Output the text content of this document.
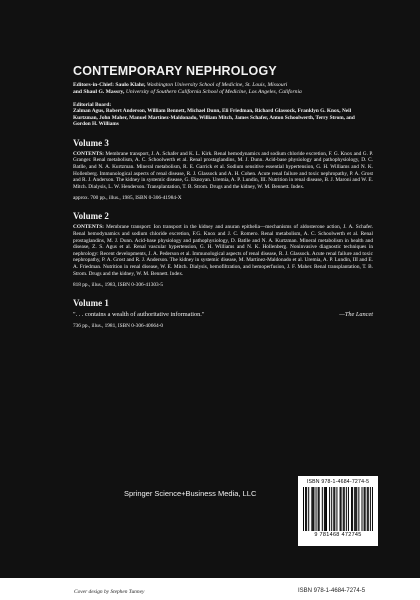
CONTEMPORARY NEPHROLOGY
Editors-in-Chief: Saulo Klahr, Washington University School of Medicine, St. Louis, Missouri
and Shaul G. Massry, University of Southern California School of Medicine, Los Angeles, California
Editorial Board:
Zalman Agus, Robert Anderson, William Bennett, Michael Dunn, Eli Friedman, Richard Glassock, Franklyn G. Knox, Neil Kurtzman, John Maher, Manuel Martinez-Maldonado, William Mitch, James Schafer, Anton Schoolwerth, Terry Strom, and Gordon H. Williams
Volume 3

CONTENTS: Membrane transport, J. A. Schafer and K. L. Kirk. Renal hemodynamics and sodium chloride excretion, F. G. Knox and G. P. Granger. Renal metabolism, A. C. Schoolwerth et al. Renal prostaglandins, M. J. Dunn. Acid-base physiology and pathophysiology, D. C. Batlle, and N. A. Kurtzman. Mineral metabolism, R. E. Garrick et al. Sodium sensitive essential hypertension, G. H. Williams and N. K. Hollenberg. Immunological aspects of renal disease, R. J. Glassock and A. H. Cohen. Acute renal failure and toxic nephropathy, P. A. Grost and R. J. Anderson. The kidney in systemic disease, G. Eknoyan. Uremia, A. P. Lundin, III. Nutrition in renal disease, B. J. Maroni and W. E. Mitch. Dialysis, L. W. Henderson. Transplantation, T. B. Strom. Drugs and the kidney, W. M. Bennett. Index.

approx. 700 pp., illus., 1985, ISBN 0-306-41984-X
Volume 2

CONTENTS: Membrane transport: Ion transport in the kidney and anuran epithelia—mechanisms of aldosterone action, J. A. Schafer. Renal hemodynamics and sodium chloride excretion, F.G. Knox and J. C. Romero. Renal metabolism, A. C. Schoolwerth et al. Renal prostaglandins, M. J. Dunn. Acid-base physiology and pathophysiology, D. Batlle and N. A. Kurtzman. Mineral metabolism in health and disease, Z. S. Agus et al. Renal vascular hypertension, G. H. Williams and N. K. Hollenberg. Noninvasive diagnostic techniques in nephrology: Recent developments, J. A. Pederson et al. Immunological aspects of renal disease, R. J. Glassock. Acute renal failure and toxic nephropathy, P. A. Grost and R. J. Anderson. The kidney in systemic disease, M. Martinez-Maldonado et al. Uremia, A. P. Lundin, III and E. A. Friedman. Nutrition in renal disease, W. E. Mitch. Dialysis, hemofiltration, and hemoperfusion, J. F. Maher. Renal transplantation, T. B. Strom. Drugs and the kidney, W. M. Bennett. Index.

818 pp., illus., 1983, ISBN 0-306-41303-5
Volume 1
". . . contains a wealth of authoritative information."	—The Lancet
736 pp., illus., 1981, ISBN 0-306-40664-0
Springer Science+Business Media, LLC
ISBN 978-1-4684-7274-5
9 781468 472745
Cover design by Stephen Tunney	ISBN 978-1-4684-7274-5
